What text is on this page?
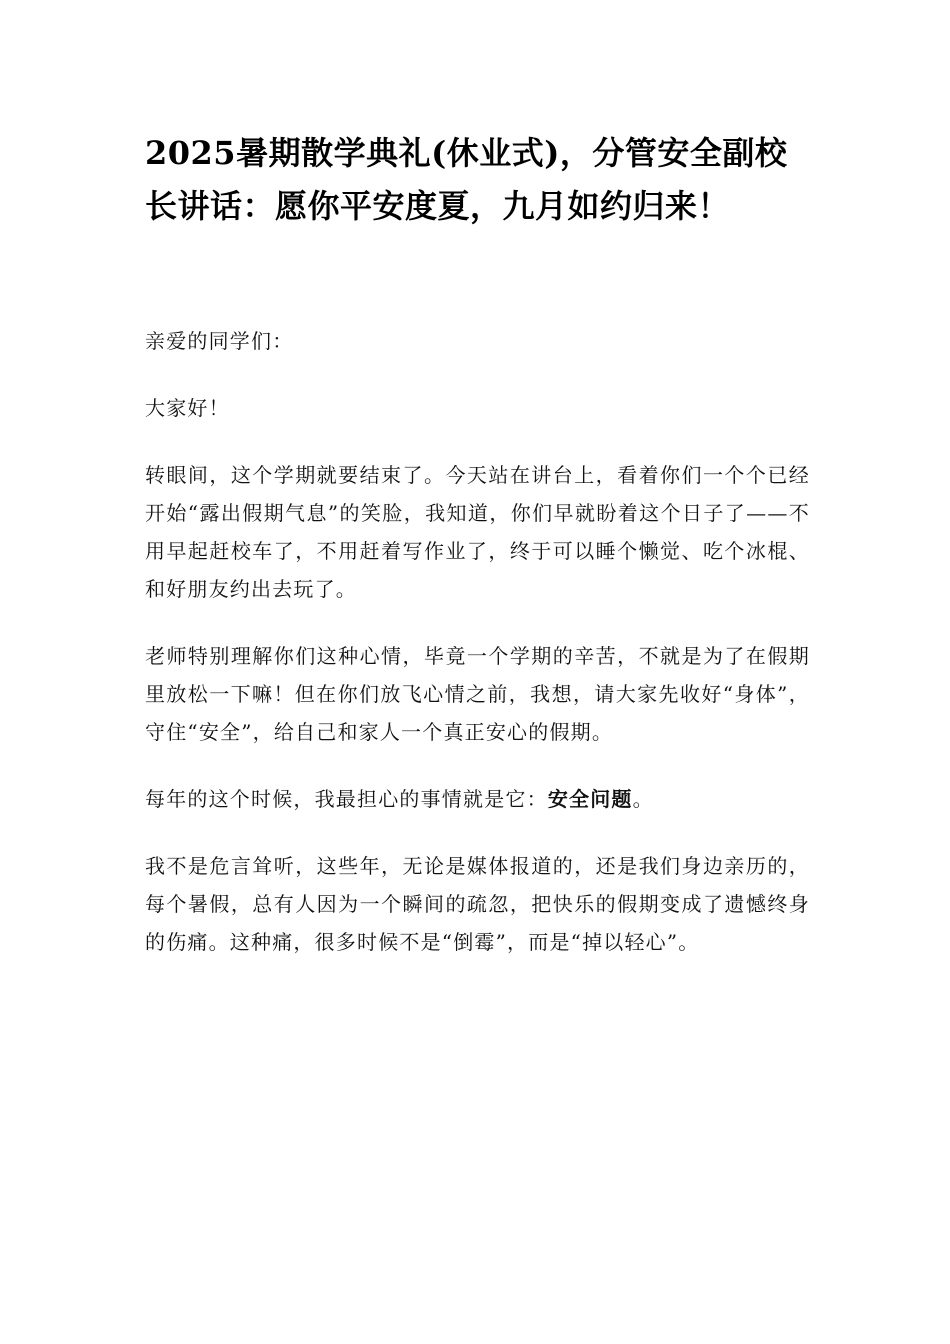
2025暑期散学典礼(休业式)，分管安全副校长讲话：愿你平安度夏，九月如约归来！

亲爱的同学们：

大家好！

转眼间，这个学期就要结束了。今天站在讲台上，看着你们一个个已经开始“露出假期气息”的笑脸，我知道，你们早就盼着这个日子了——不用早起赶校车了，不用赶着写作业了，终于可以睡个懒觉、吃个冰棍、和好朋友约出去玩了。

老师特别理解你们这种心情，毕竟一个学期的辛苦，不就是为了在假期里放松一下嘛！但在你们放飞心情之前，我想，请大家先收好“身体”，守住“安全”，给自己和家人一个真正安心的假期。

每年的这个时候，我最担心的事情就是它：安全问题。

我不是危言耸听，这些年，无论是媒体报道的，还是我们身边亲历的，每个暑假，总有人因为一个瞬间的疏忽，把快乐的假期变成了遗憾终身的伤痛。这种痛，很多时候不是“倒霉”，而是“掉以轻心”。
